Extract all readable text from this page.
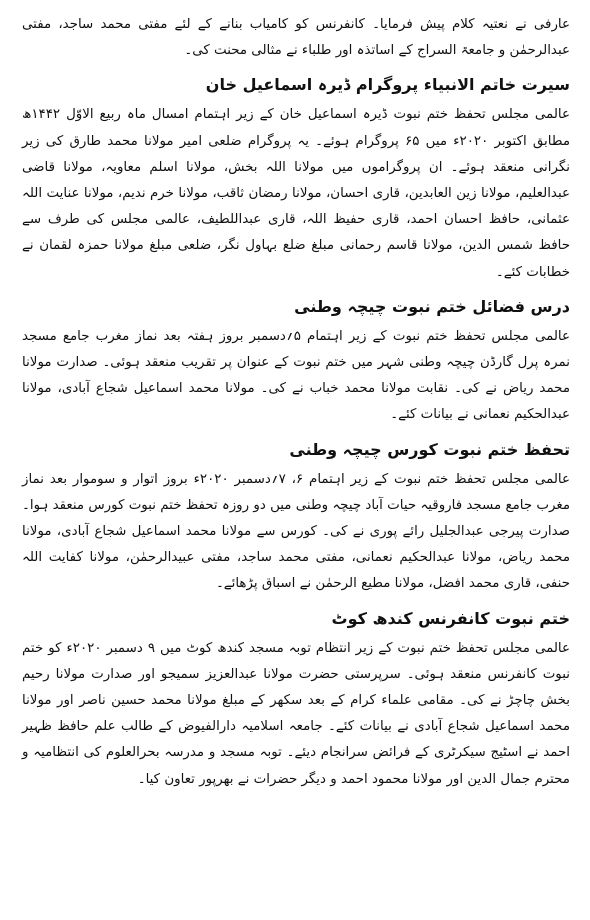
عارفی نے نعتیہ کلام پیش فرمایا۔ کانفرنس کو کامیاب بنانے کے لئے مفتی محمد ساجد، مفتی عبدالرحمٰن و جامعۃ السراج کے اساتذہ اور طلباء نے مثالی محنت کی۔

سیرت خاتم الانبیاء پروگرام ڈیرہ اسماعیل خان

عالمی مجلس تحفظ ختم نبوت ڈیرہ اسماعیل خان کے زیر اہتمام امسال ماہ ربیع الاوّل ۱۴۴۲ھ مطابق اکتوبر ۲۰۲۰ء میں ۶۵ پروگرام ہوئے۔ یہ پروگرام ضلعی امیر مولانا محمد طارق کی زیر نگرانی منعقد ہوئے۔ ان پروگراموں میں مولانا اللہ بخش، مولانا اسلم معاویہ، مولانا قاضی عبدالعلیم، مولانا زین العابدین، قاری احسان، مولانا رمضان ثاقب، مولانا خرم ندیم، مولانا عنایت اللہ عثمانی، حافظ احسان احمد، قاری حفیظ اللہ، قاری عبداللطیف، عالمی مجلس کی طرف سے حافظ شمس الدین، مولانا قاسم رحمانی مبلغ ضلع بہاول نگر، ضلعی مبلغ مولانا حمزہ لقمان نے خطابات کئے۔

درس فضائل ختم نبوت چیچہ وطنی

عالمی مجلس تحفظ ختم نبوت کے زیر اہتمام ۵؍دسمبر بروز ہفتہ بعد نماز مغرب جامع مسجد نمرہ پرل گارڈن چیچہ وطنی شہر میں ختم نبوت کے عنوان پر تقریب منعقد ہوئی۔ صدارت مولانا محمد ریاض نے کی۔ نقابت مولانا محمد خباب نے کی۔ مولانا محمد اسماعیل شجاع آبادی، مولانا عبدالحکیم نعمانی نے بیانات کئے۔

تحفظ ختم نبوت کورس چیچہ وطنی

عالمی مجلس تحفظ ختم نبوت کے زیر اہتمام ۶، ۷؍دسمبر ۲۰۲۰ء بروز اتوار و سوموار بعد نماز مغرب جامع مسجد فاروقیہ حیات آباد چیچہ وطنی میں دو روزہ تحفظ ختم نبوت کورس منعقد ہوا۔ صدارت پیرجی عبدالجلیل رائے پوری نے کی۔ کورس سے مولانا محمد اسماعیل شجاع آبادی، مولانا محمد ریاض، مولانا عبدالحکیم نعمانی، مفتی محمد ساجد، مفتی عبیدالرحمٰن، مولانا کفایت اللہ حنفی، قاری محمد افضل، مولانا مطیع الرحمٰن نے اسباق پڑھائے۔

ختم نبوت کانفرنس کندھ کوٹ

عالمی مجلس تحفظ ختم نبوت کے زیر انتظام توبہ مسجد کندھ کوٹ میں ۹ دسمبر ۲۰۲۰ء کو ختم نبوت کانفرنس منعقد ہوئی۔ سرپرستی حضرت مولانا عبدالعزیز سمیجو اور صدارت مولانا رحیم بخش چاچڑ نے کی۔ مقامی علماء کرام کے بعد سکھر کے مبلغ مولانا محمد حسین ناصر اور مولانا محمد اسماعیل شجاع آبادی نے بیانات کئے۔ جامعہ اسلامیہ دارالفیوض کے طالب علم حافظ ظہیر احمد نے اسٹیج سیکرٹری کے فرائض سرانجام دیئے۔ توبہ مسجد و مدرسہ بحرالعلوم کی انتظامیہ و محترم جمال الدین اور مولانا محمود احمد و دیگر حضرات نے بھرپور تعاون کیا۔
